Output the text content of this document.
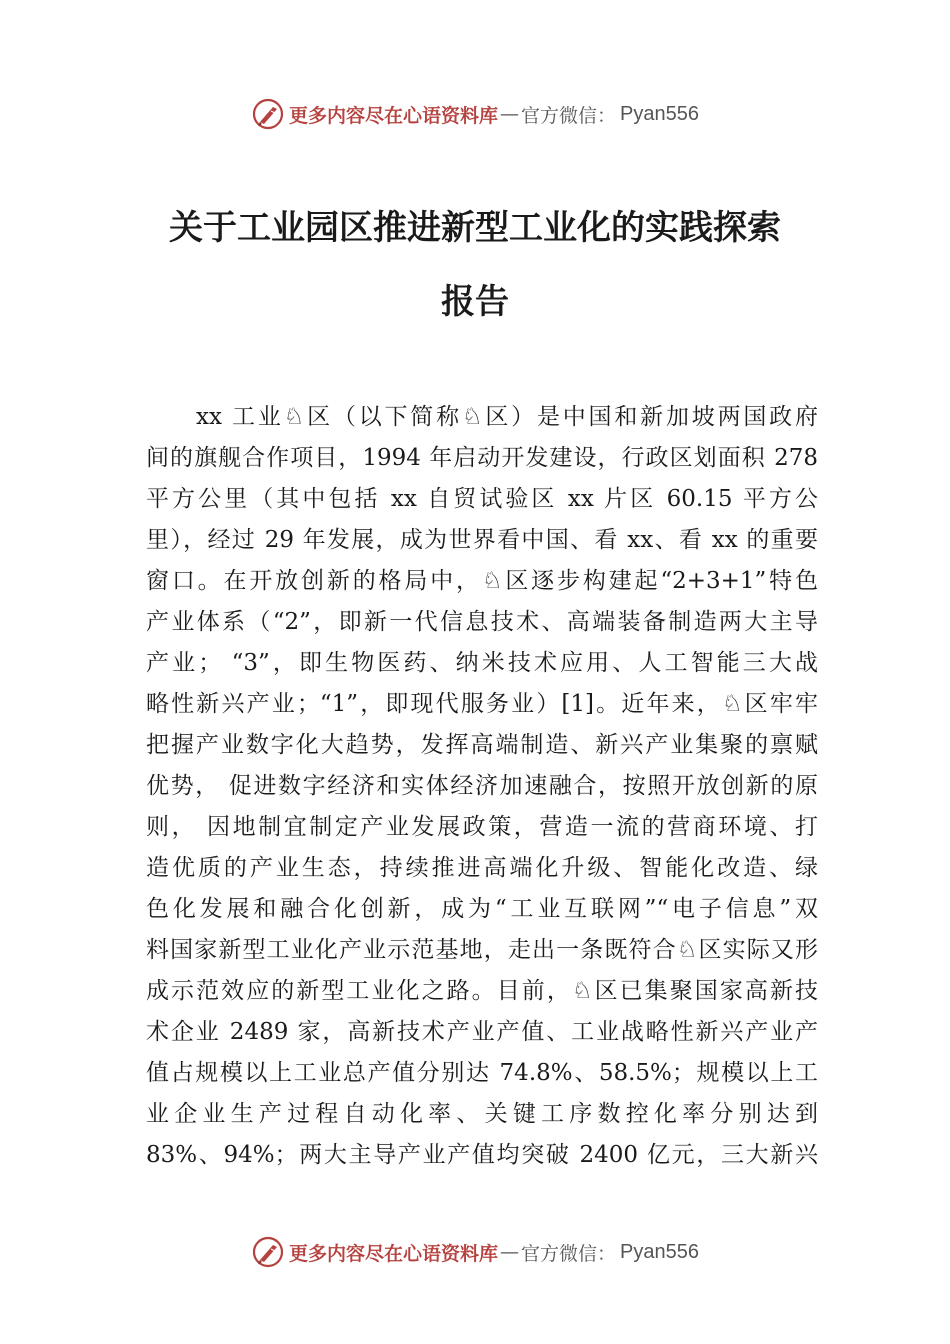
更多内容尽在心语资料库 — 官方微信： Pyan556
关于工业园区推进新型工业化的实践探索
报告
xx 工业♘区（以下简称♘区）是中国和新加坡两国政府
间的旗舰合作项目，1994 年启动开发建设，行政区划面积 278
平方公里（其中包括 xx 自贸试验区 xx 片区 60.15 平方公
里），经过 29 年发展，成为世界看中国、看 xx、看 xx 的重要
窗口。在开放创新的格局中，♘区逐步构建起“2+3+1”特色
产业体系（“2”，即新一代信息技术、高端装备制造两大主导
产业； “3”，即生物医药、纳米技术应用、人工智能三大战
略性新兴产业；“1”，即现代服务业）[1]。近年来，♘区牢牢
把握产业数字化大趋势，发挥高端制造、新兴产业集聚的禀赋
优势， 促进数字经济和实体经济加速融合，按照开放创新的原
则， 因地制宜制定产业发展政策，营造一流的营商环境、打
造优质的产业生态，持续推进高端化升级、智能化改造、绿
色化发展和融合化创新，成为“工业互联网”“电子信息”双
料国家新型工业化产业示范基地，走出一条既符合♘区实际又形
成示范效应的新型工业化之路。目前，♘区已集聚国家高新技
术企业 2489 家，高新技术产业产值、工业战略性新兴产业产
值占规模以上工业总产值分别达 74.8%、58.5%；规模以上工
业企业生产过程自动化率、关键工序数控化率分别达到
83%、94%；两大主导产业产值均突破 2400 亿元，三大新兴
更多内容尽在心语资料库 — 官方微信： Pyan556
